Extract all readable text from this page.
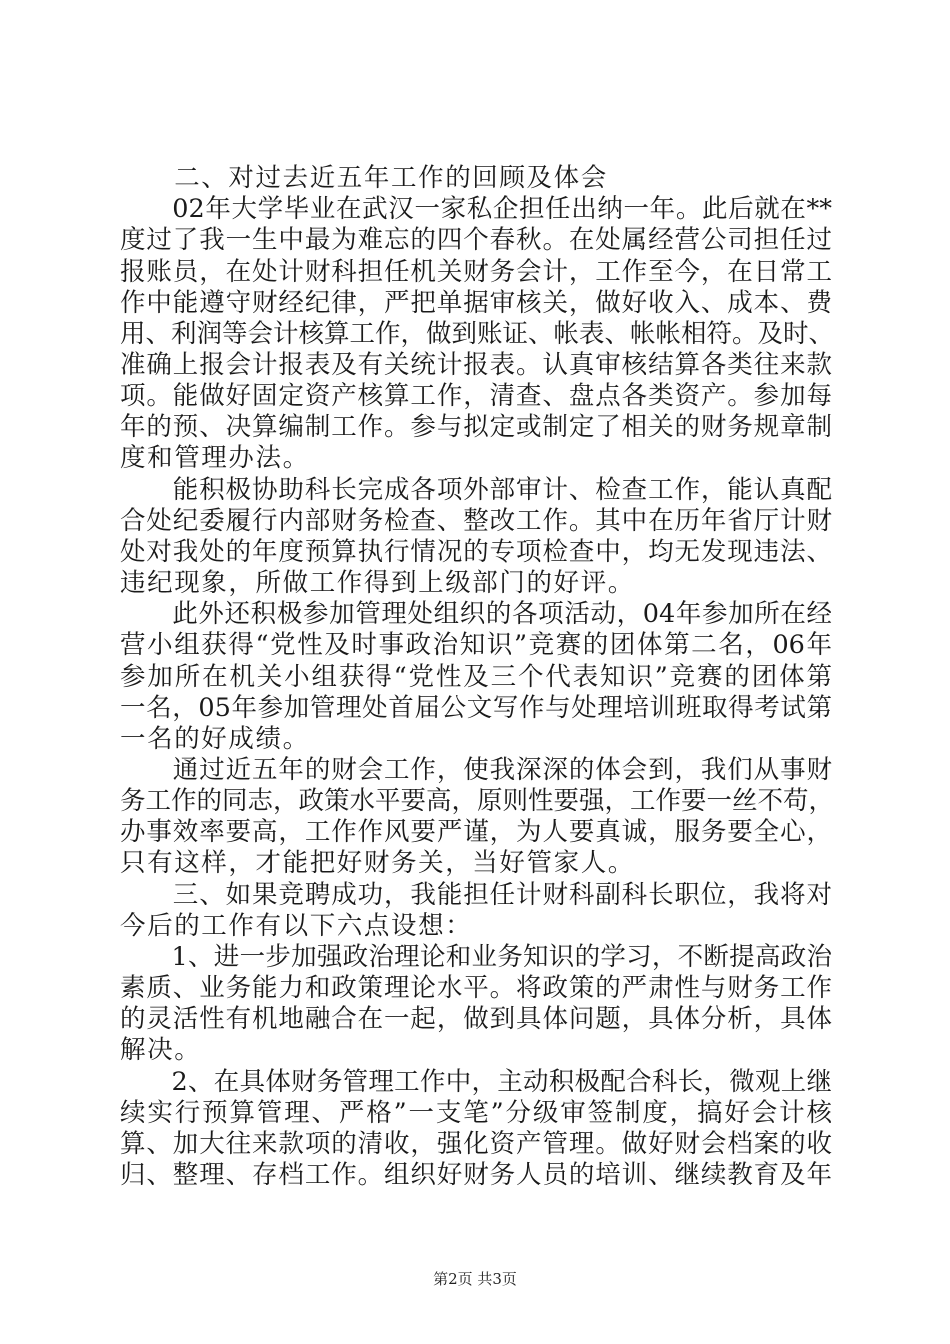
　　二、对过去近五年工作的回顾及体会
　　02年大学毕业在武汉一家私企担任出纳一年。此后就在**
度过了我一生中最为难忘的四个春秋。在处属经营公司担任过
报账员，在处计财科担任机关财务会计，工作至今，在日常工
作中能遵守财经纪律，严把单据审核关，做好收入、成本、费
用、利润等会计核算工作，做到账证、帐表、帐帐相符。及时、
准确上报会计报表及有关统计报表。认真审核结算各类往来款
项。能做好固定资产核算工作，清查、盘点各类资产。参加每
年的预、决算编制工作。参与拟定或制定了相关的财务规章制
度和管理办法。
　　能积极协助科长完成各项外部审计、检查工作，能认真配
合处纪委履行内部财务检查、整改工作。其中在历年省厅计财
处对我处的年度预算执行情况的专项检查中，均无发现违法、
违纪现象，所做工作得到上级部门的好评。
　　此外还积极参加管理处组织的各项活动，04年参加所在经
营小组获得“党性及时事政治知识”竞赛的团体第二名，06年
参加所在机关小组获得“党性及三个代表知识”竞赛的团体第
一名，05年参加管理处首届公文写作与处理培训班取得考试第
一名的好成绩。
　　通过近五年的财会工作，使我深深的体会到，我们从事财
务工作的同志，政策水平要高，原则性要强，工作要一丝不苟，
办事效率要高，工作作风要严谨，为人要真诚，服务要全心，
只有这样，才能把好财务关，当好管家人。
　　三、如果竞聘成功，我能担任计财科副科长职位，我将对
今后的工作有以下六点设想：
　　1、进一步加强政治理论和业务知识的学习，不断提高政治
素质、业务能力和政策理论水平。将政策的严肃性与财务工作
的灵活性有机地融合在一起，做到具体问题，具体分析，具体
解决。
　　2、在具体财务管理工作中，主动积极配合科长，微观上继
续实行预算管理、严格”一支笔”分级审签制度，搞好会计核
算、加大往来款项的清收，强化资产管理。做好财会档案的收
归、整理、存档工作。组织好财务人员的培训、继续教育及年
第2页 共3页
